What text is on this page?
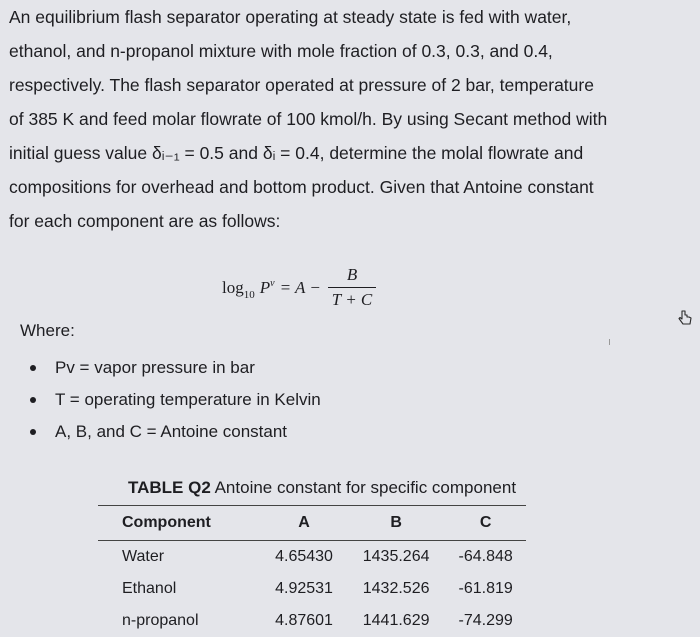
An equilibrium flash separator operating at steady state is fed with water,
ethanol, and n-propanol mixture with mole fraction of 0.3, 0.3, and 0.4,
respectively. The flash separator operated at pressure of 2 bar, temperature
of 385 K and feed molar flowrate of 100 kmol/h. By using Secant method with
initial guess value δᵢ₋₁ = 0.5 and δᵢ = 0.4, determine the molal flowrate and
compositions for overhead and bottom product. Given that Antoine constant
for each component are as follows:
$\log_{10} P^v = A - \frac{B}{T + C}$
Where:
Pv = vapor pressure in bar
T = operating temperature in Kelvin
A, B, and C = Antoine constant
TABLE Q2 Antoine constant for specific component
Component	A	B	C
Water	4.65430	1435.264	-64.848
Ethanol	4.92531	1432.526	-61.819
n-propanol	4.87601	1441.629	-74.299
